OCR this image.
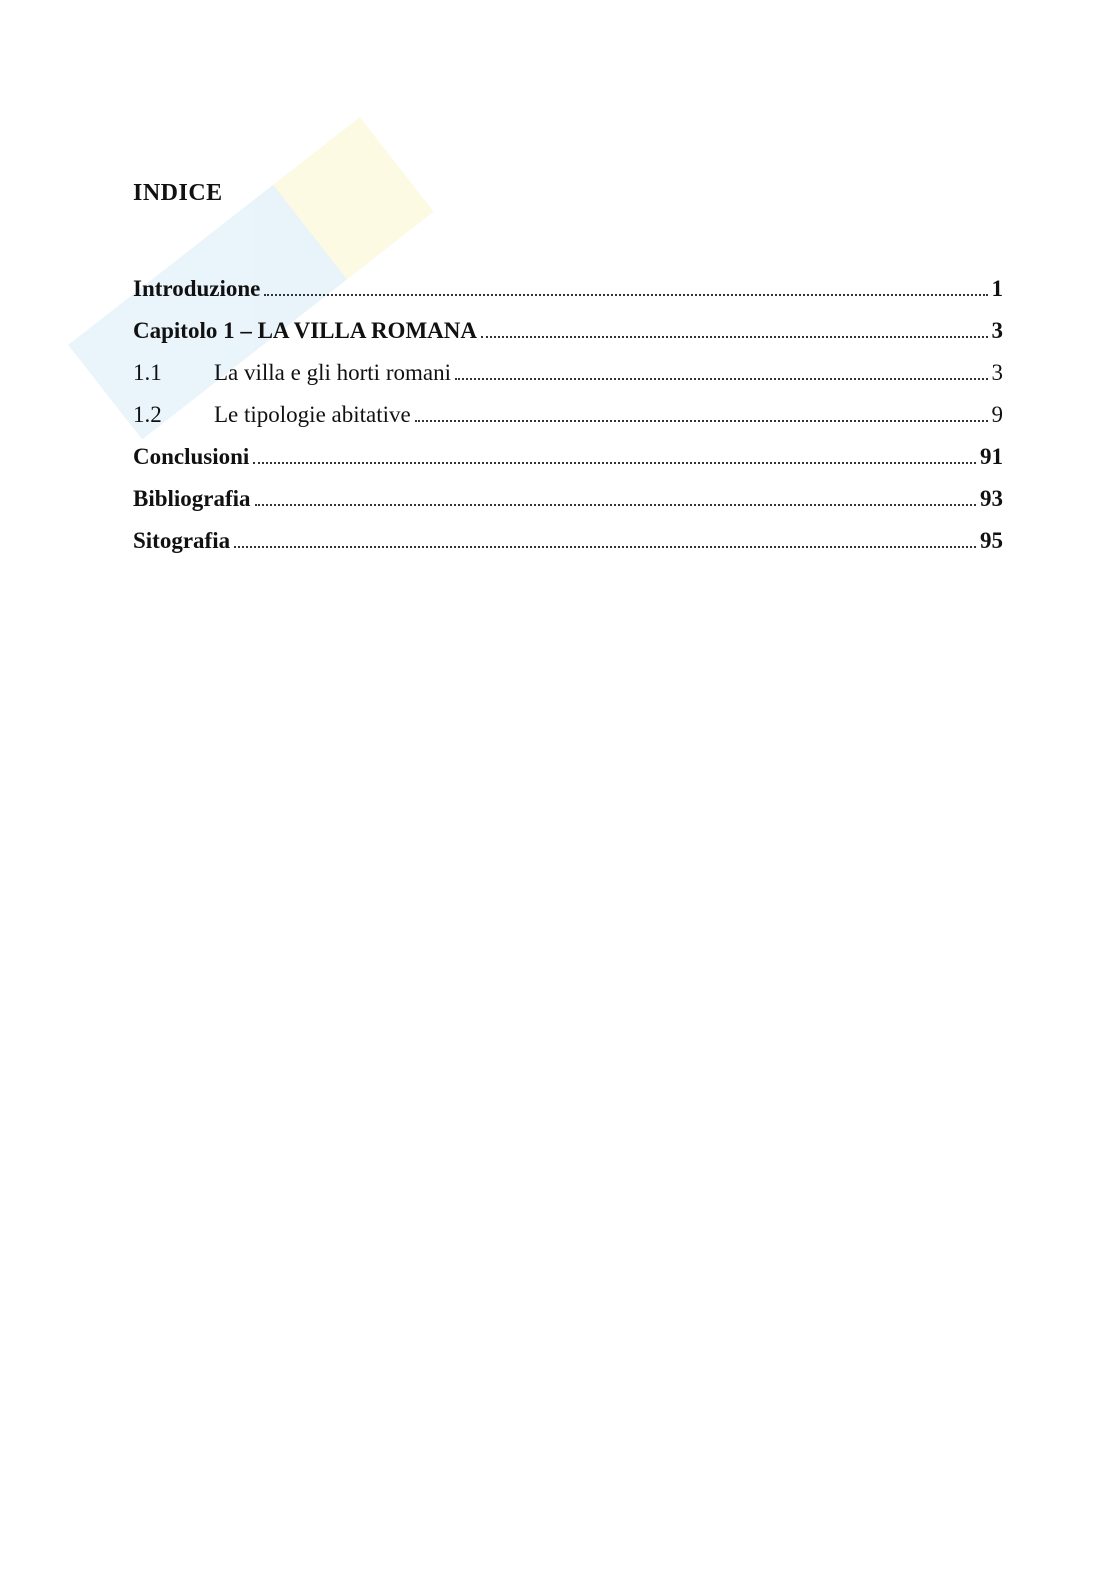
INDICE
Introduzione	1
Capitolo 1 – LA VILLA ROMANA	3
1.1	La villa e gli horti romani	3
1.2	Le tipologie abitative	9
Conclusioni	91
Bibliografia	93
Sitografia	95
